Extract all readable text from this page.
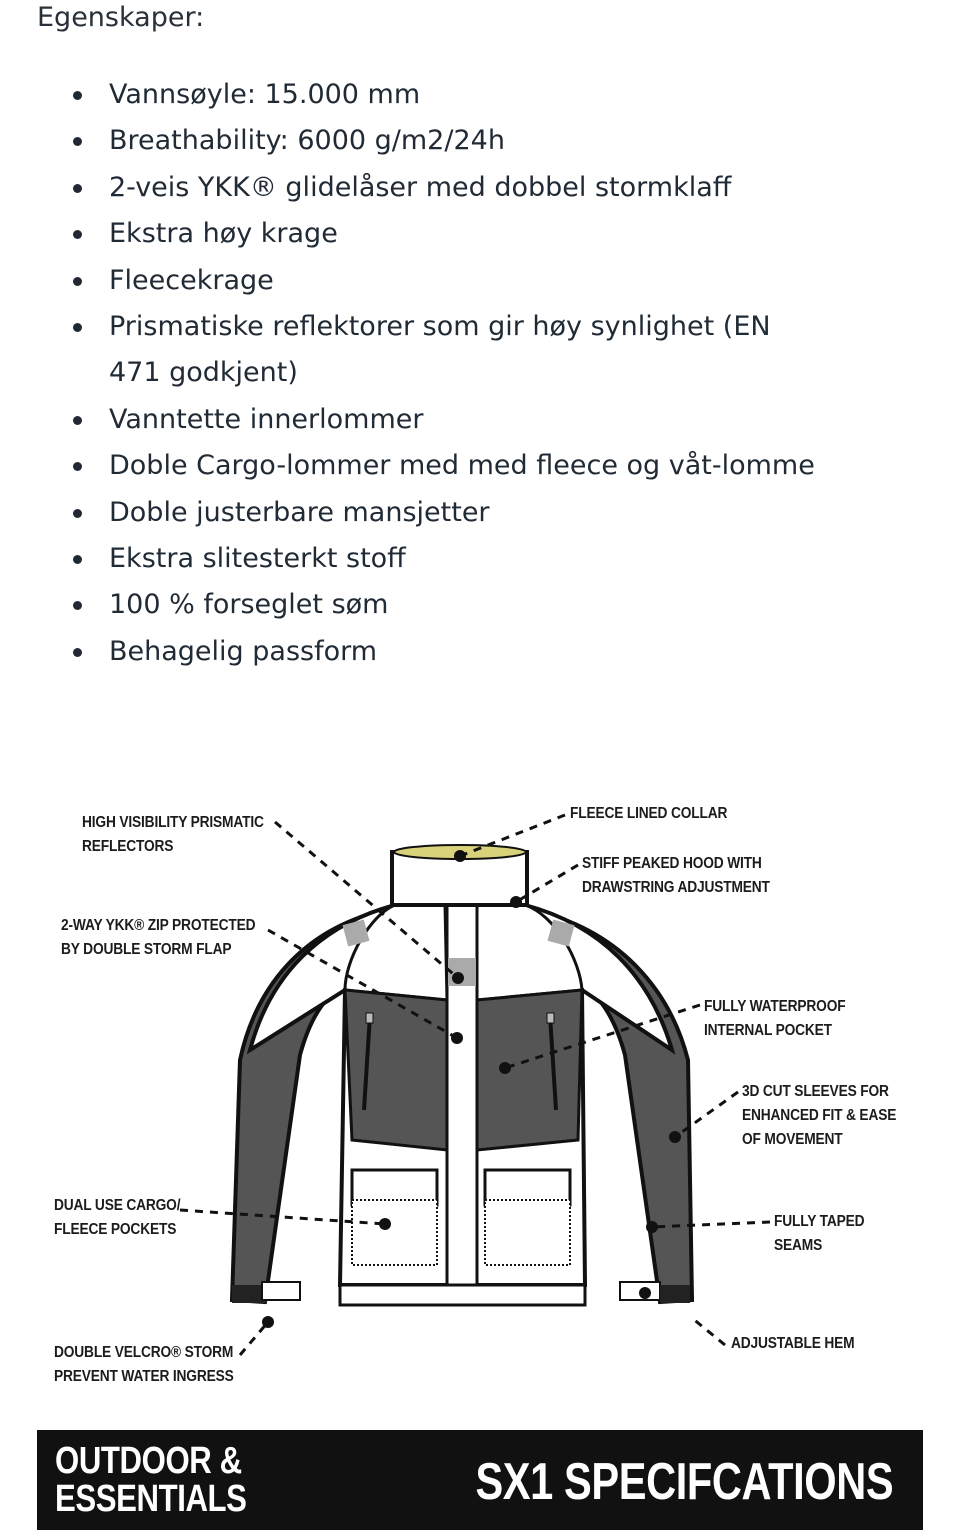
Egenskaper:
Vannsøyle: 15.000 mm
Breathability: 6000 g/m2/24h
2-veis YKK® glidelåser med dobbel stormklaff
Ekstra høy krage
Fleecekrage
Prismatiske reflektorer som gir høy synlighet (EN 471 godkjent)
Vanntette innerlommer
Doble Cargo-lommer med med fleece og våt-lomme
Doble justerbare mansjetter
Ekstra slitesterkt stoff
100 % forseglet søm
Behagelig passform
HIGH VISIBILITY PRISMATIC
REFLECTORS
2-WAY YKK® ZIP PROTECTED
BY DOUBLE STORM FLAP
DUAL USE CARGO/
FLEECE POCKETS
DOUBLE VELCRO® STORM
PREVENT WATER INGRESS
FLEECE LINED COLLAR
STIFF PEAKED HOOD WITH
DRAWSTRING ADJUSTMENT
FULLY WATERPROOF
INTERNAL POCKET
3D CUT SLEEVES FOR
ENHANCED FIT & EASE
OF MOVEMENT
FULLY TAPED
SEAMS
ADJUSTABLE HEM
OUTDOOR &
ESSENTIALS	SX1 SPECIFCATIONS
